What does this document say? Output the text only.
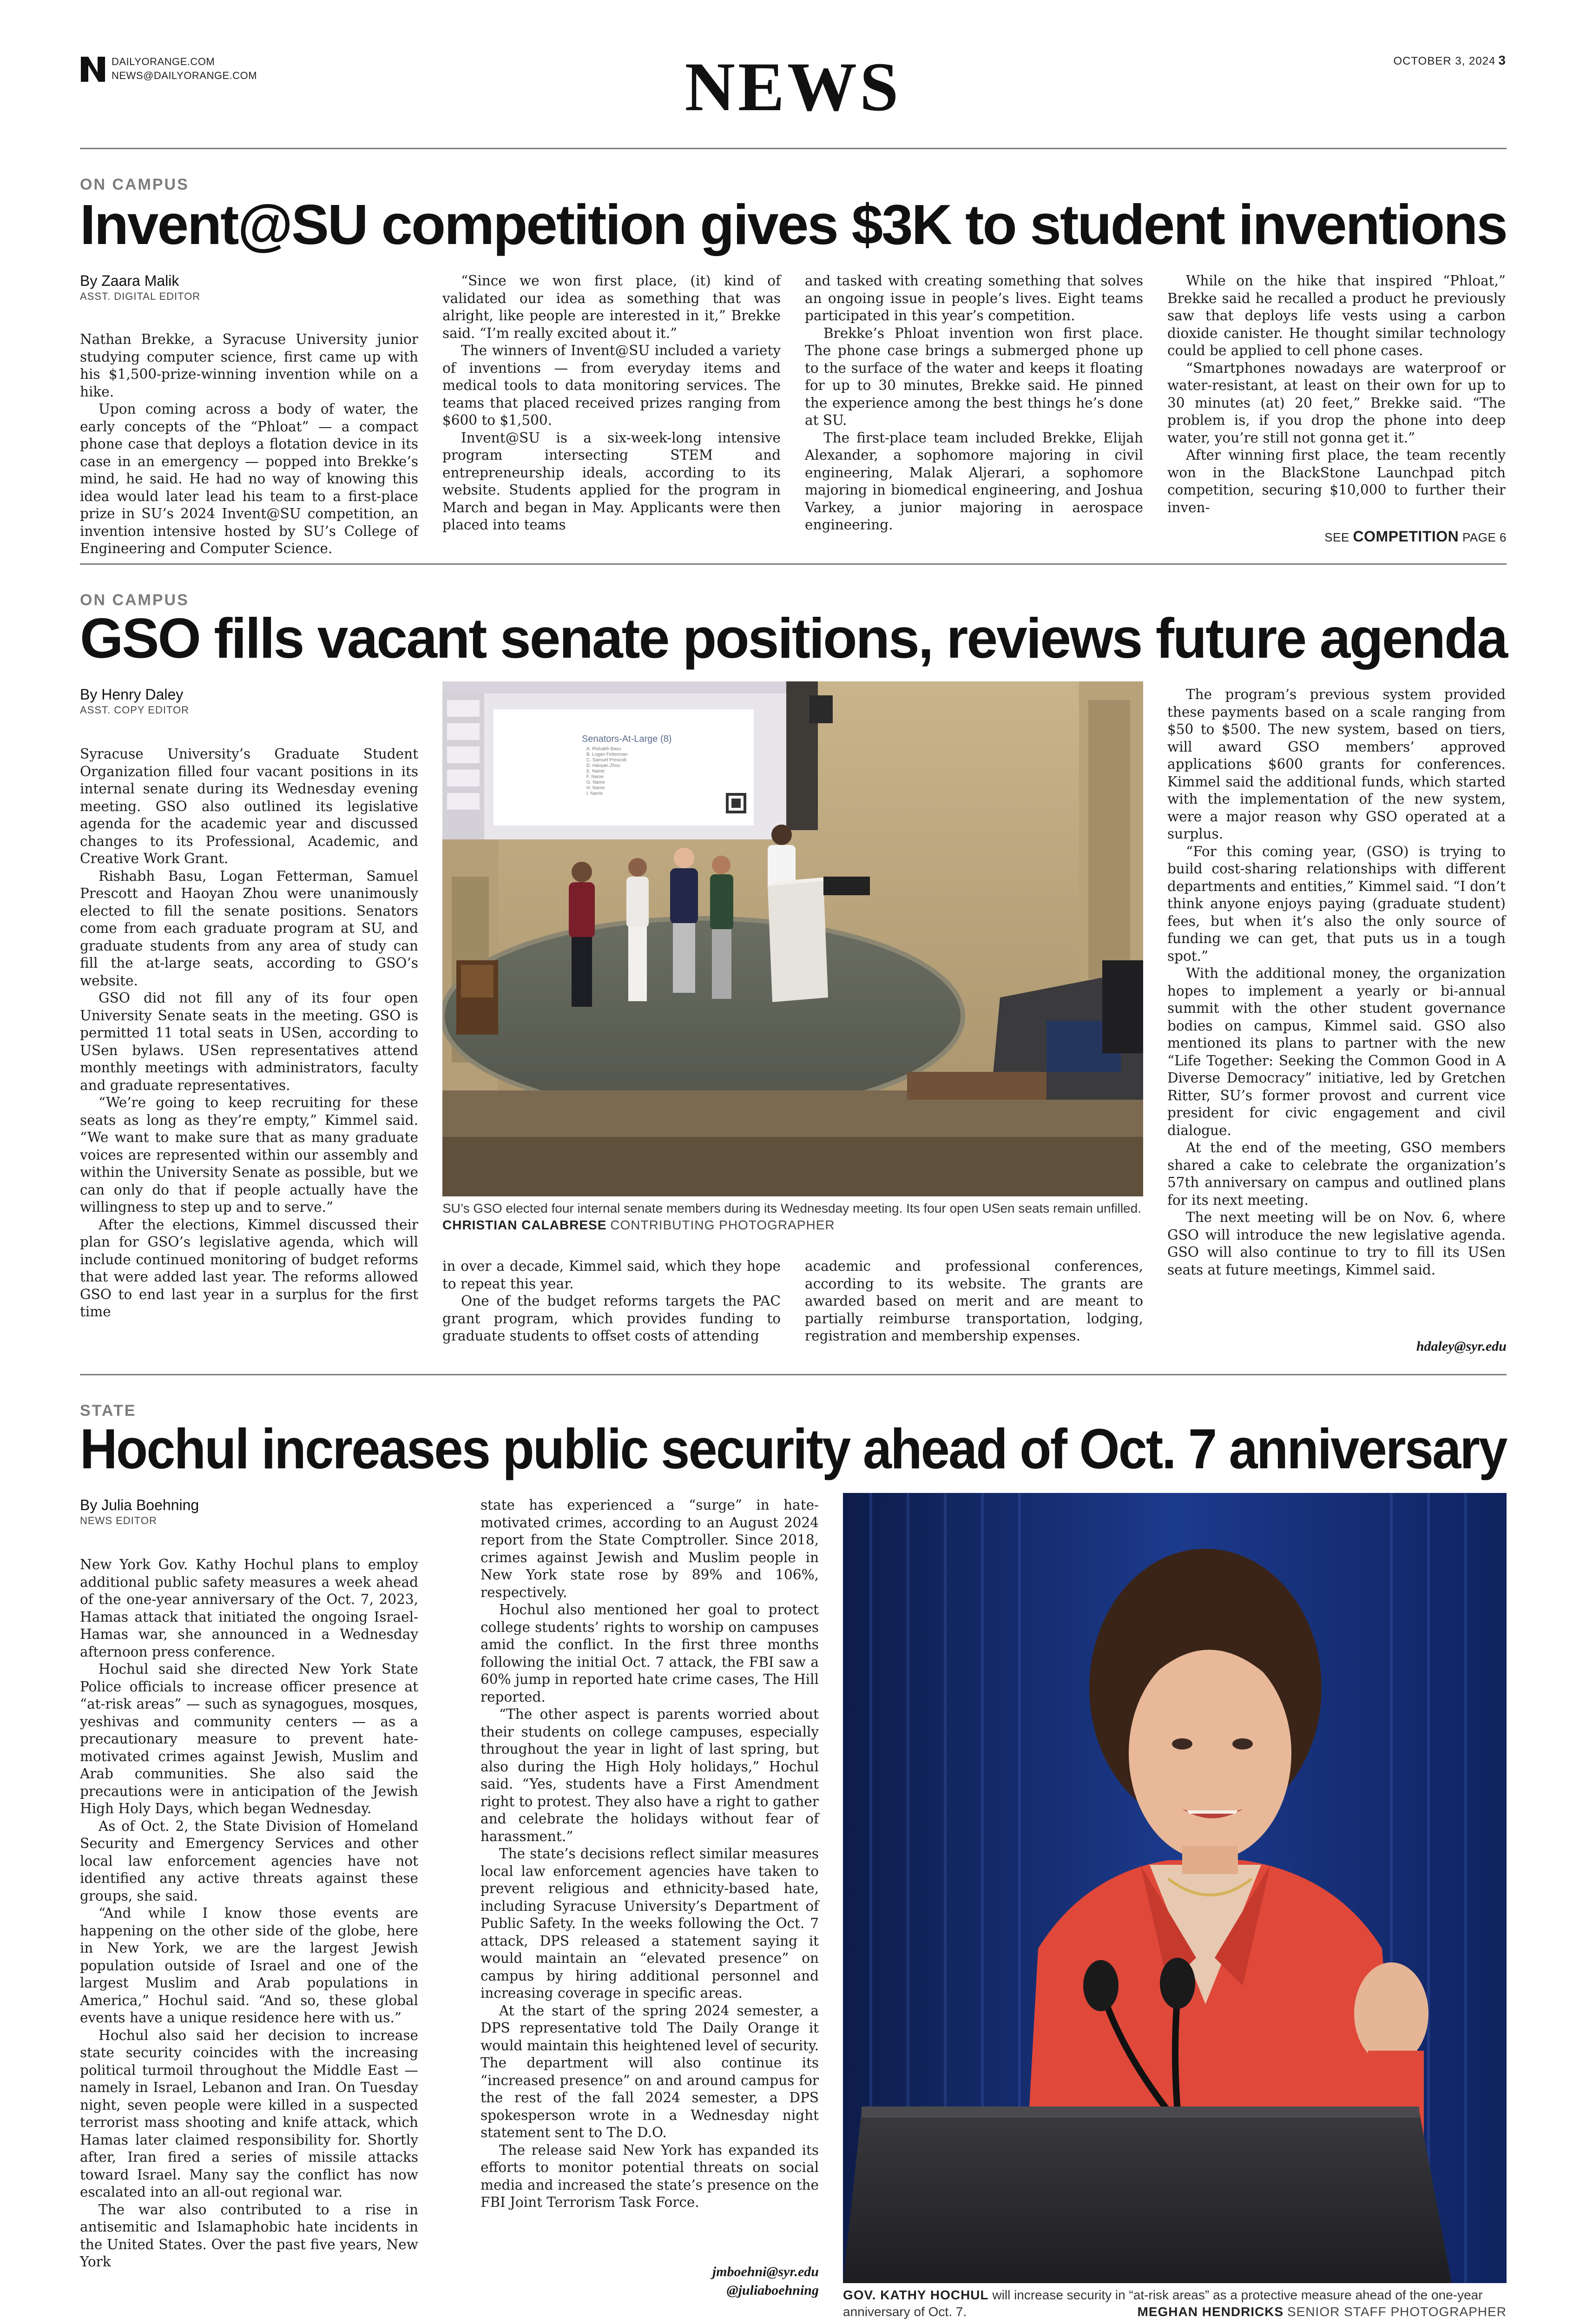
DAILYORANGE.COM
NEWS@DAILYORANGE.COM	NEWS	OCTOBER 3, 2024 3
ON CAMPUS
Invent@SU competition gives $3K to student inventions
By Zaara Malik
ASST. DIGITAL EDITOR

Nathan Brekke, a Syracuse University junior studying computer science, first came up with his $1,500-prize-winning invention while on a hike.

Upon coming across a body of water, the early concepts of the “Phloat” — a compact phone case that deploys a flotation device in its case in an emergency — popped into Brekke’s mind, he said. He had no way of knowing this idea would later lead his team to a first-place prize in SU’s 2024 Invent@SU competition, an invention intensive hosted by SU’s College of Engineering and Computer Science.

“Since we won first place, (it) kind of validated our idea as something that was alright, like people are interested in it,” Brekke said. “I’m really excited about it.”

The winners of Invent@SU included a variety of inventions — from everyday items and medical tools to data monitoring services. The teams that placed received prizes ranging from $600 to $1,500.

Invent@SU is a six-week-long intensive program intersecting STEM and entrepreneurship ideals, according to its website. Students applied for the program in March and began in May. Applicants were then placed into teams

and tasked with creating something that solves an ongoing issue in people’s lives. Eight teams participated in this year’s competition.

Brekke’s Phloat invention won first place. The phone case brings a submerged phone up to the surface of the water and keeps it floating for up to 30 minutes, Brekke said. He pinned the experience among the best things he’s done at SU.

The first-place team included Brekke, Elijah Alexander, a sophomore majoring in civil engineering, Malak Aljerari, a sophomore majoring in biomedical engineering, and Joshua Varkey, a junior majoring in aerospace engineering.

While on the hike that inspired “Phloat,” Brekke said he recalled a product he previously saw that deploys life vests using a carbon dioxide canister. He thought similar technology could be applied to cell phone cases.

“Smartphones nowadays are waterproof or water-resistant, at least on their own for up to 30 minutes (at) 20 feet,” Brekke said. “The problem is, if you drop the phone into deep water, you’re still not gonna get it.”

After winning first place, the team recently won in the BlackStone Launchpad pitch competition, securing $10,000 to further their inven-

SEE COMPETITION PAGE 6
ON CAMPUS
GSO fills vacant senate positions, reviews future agenda
By Henry Daley
ASST. COPY EDITOR

Syracuse University’s Graduate Student Organization filled four vacant positions in its internal senate during its Wednesday evening meeting. GSO also outlined its legislative agenda for the academic year and discussed changes to its Professional, Academic, and Creative Work Grant.

Rishabh Basu, Logan Fetterman, Samuel Prescott and Haoyan Zhou were unanimously elected to fill the senate positions. Senators come from each graduate program at SU, and graduate students from any area of study can fill the at-large seats, according to GSO’s website.

GSO did not fill any of its four open University Senate seats in the meeting. GSO is permitted 11 total seats in USen, according to USen bylaws. USen representatives attend monthly meetings with administrators, faculty and graduate representatives.

“We’re going to keep recruiting for these seats as long as they’re empty,” Kimmel said. “We want to make sure that as many graduate voices are represented within our assembly and within the University Senate as possible, but we can only do that if people actually have the willingness to step up and to serve.”

After the elections, Kimmel discussed their plan for GSO’s legislative agenda, which will include continued monitoring of budget reforms that were added last year. The reforms allowed GSO to end last year in a surplus for the first time

Senators-At-Large (8)
A. Rishabh Basu
B. Logan Fetterman
C. Samuel Prescott
D. Haoyan Zhou
E. Name
F. Name
G. Name
H. Name
I. Name
SU’s GSO elected four internal senate members during its Wednesday meeting. Its four open USen seats remain unfilled. CHRISTIAN CALABRESE CONTRIBUTING PHOTOGRAPHER

in over a decade, Kimmel said, which they hope to repeat this year.

One of the budget reforms targets the PAC grant program, which provides funding to graduate students to offset costs of attending

academic and professional conferences, according to its website. The grants are awarded based on merit and are meant to partially reimburse transportation, lodging, registration and membership expenses.

The program’s previous system provided these payments based on a scale ranging from $50 to $500. The new system, based on tiers, will award GSO members’ approved applications $600 grants for conferences. Kimmel said the additional funds, which started with the implementation of the new system, were a major reason why GSO operated at a surplus.

“For this coming year, (GSO) is trying to build cost-sharing relationships with different departments and entities,” Kimmel said. “I don’t think anyone enjoys paying (graduate student) fees, but when it’s also the only source of funding we can get, that puts us in a tough spot.”

With the additional money, the organization hopes to implement a yearly or bi-annual summit with the other student governance bodies on campus, Kimmel said. GSO also mentioned its plans to partner with the new “Life Together: Seeking the Common Good in A Diverse Democracy” initiative, led by Gretchen Ritter, SU’s former provost and current vice president for civic engagement and civil dialogue.

At the end of the meeting, GSO members shared a cake to celebrate the organization’s 57th anniversary on campus and outlined plans for its next meeting.

The next meeting will be on Nov. 6, where GSO will introduce the new legislative agenda. GSO will also continue to try to fill its USen seats at future meetings, Kimmel said.

hdaley@syr.edu
STATE
Hochul increases public security ahead of Oct. 7 anniversary
By Julia Boehning
NEWS EDITOR

New York Gov. Kathy Hochul plans to employ additional public safety measures a week ahead of the one-year anniversary of the Oct. 7, 2023, Hamas attack that initiated the ongoing Israel-Hamas war, she announced in a Wednesday afternoon press conference.

Hochul said she directed New York State Police officials to increase officer presence at “at-risk areas” — such as synagogues, mosques, yeshivas and community centers — as a precautionary measure to prevent hate-motivated crimes against Jewish, Muslim and Arab communities. She also said the precautions were in anticipation of the Jewish High Holy Days, which began Wednesday.

As of Oct. 2, the State Division of Homeland Security and Emergency Services and other local law enforcement agencies have not identified any active threats against these groups, she said.

“And while I know those events are happening on the other side of the globe, here in New York, we are the largest Jewish population outside of Israel and one of the largest Muslim and Arab populations in America,” Hochul said. “And so, these global events have a unique residence here with us.”

Hochul also said her decision to increase state security coincides with the increasing political turmoil throughout the Middle East — namely in Israel, Lebanon and Iran. On Tuesday night, seven people were killed in a suspected terrorist mass shooting and knife attack, which Hamas later claimed responsibility for. Shortly after, Iran fired a series of missile attacks toward Israel. Many say the conflict has now escalated into an all-out regional war.

The war also contributed to a rise in antisemitic and Islamaphobic hate incidents in the United States. Over the past five years, New York

state has experienced a “surge” in hate-motivated crimes, according to an August 2024 report from the State Comptroller. Since 2018, crimes against Jewish and Muslim people in New York state rose by 89% and 106%, respectively.

Hochul also mentioned her goal to protect college students’ rights to worship on campuses amid the conflict. In the first three months following the initial Oct. 7 attack, the FBI saw a 60% jump in reported hate crime cases, The Hill reported.

“The other aspect is parents worried about their students on college campuses, especially throughout the year in light of last spring, but also during the High Holy holidays,” Hochul said. “Yes, students have a First Amendment right to protest. They also have a right to gather and celebrate the holidays without fear of harassment.”

The state’s decisions reflect similar measures local law enforcement agencies have taken to prevent religious and ethnicity-based hate, including Syracuse University’s Department of Public Safety. In the weeks following the Oct. 7 attack, DPS released a statement saying it would maintain an “elevated presence” on campus by hiring additional personnel and increasing coverage in specific areas.

At the start of the spring 2024 semester, a DPS representative told The Daily Orange it would maintain this heightened level of security. The department will also continue its “increased presence” on and around campus for the rest of the fall 2024 semester, a DPS spokesperson wrote in a Wednesday night statement sent to The D.O.

The release said New York has expanded its efforts to monitor potential threats on social media and increased the state’s presence on the FBI Joint Terrorism Task Force.

jmboehni@syr.edu
@juliaboehning GOV. KATHY HOCHUL will increase security in “at-risk areas” as a protective measure ahead of the one-year anniversary of Oct. 7.	MEGHAN HENDRICKS SENIOR STAFF PHOTOGRAPHER
